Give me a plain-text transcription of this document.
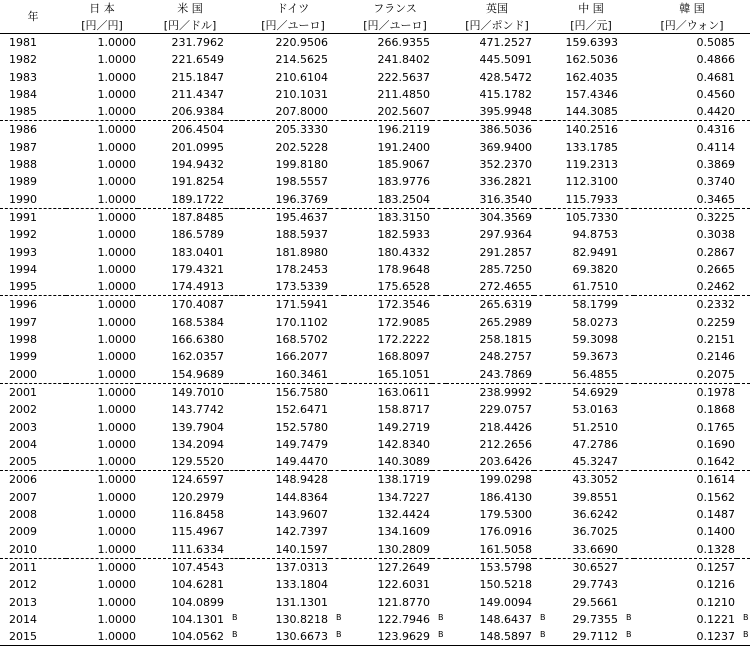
年	日 本	米 国		ドイツ		フランス		英国		中 国		韓 国	
	[円／円]	[円／ドル]		[円／ユーロ]		[円／ユーロ]		[円／ポンド]		[円／元]		[円／ウォン]	
1981	1.0000	231.7962		220.9506		266.9355		471.2527		159.6393		0.5085	
1982	1.0000	221.6549		214.5625		241.8402		445.5091		162.5036		0.4866	
1983	1.0000	215.1847		210.6104		222.5637		428.5472		162.4035		0.4681	
1984	1.0000	211.4347		210.1031		211.4850		415.1782		157.4346		0.4560	
1985	1.0000	206.9384		207.8000		202.5607		395.9948		144.3085		0.4420	
1986	1.0000	206.4504		205.3330		196.2119		386.5036		140.2516		0.4316	
1987	1.0000	201.0995		202.5228		191.2400		369.9400		133.1785		0.4114	
1988	1.0000	194.9432		199.8180		185.9067		352.2370		119.2313		0.3869	
1989	1.0000	191.8254		198.5557		183.9776		336.2821		112.3100		0.3740	
1990	1.0000	189.1722		196.3769		183.2504		316.3540		115.7933		0.3465	
1991	1.0000	187.8485		195.4637		183.3150		304.3569		105.7330		0.3225	
1992	1.0000	186.5789		188.5937		182.5933		297.9364		94.8753		0.3038	
1993	1.0000	183.0401		181.8980		180.4332		291.2857		82.9491		0.2867	
1994	1.0000	179.4321		178.2453		178.9648		285.7250		69.3820		0.2665	
1995	1.0000	174.4913		173.5339		175.6528		272.4655		61.7510		0.2462	
1996	1.0000	170.4087		171.5941		172.3546		265.6319		58.1799		0.2332	
1997	1.0000	168.5384		170.1102		172.9085		265.2989		58.0273		0.2259	
1998	1.0000	166.6380		168.5702		172.2222		258.1815		59.3098		0.2151	
1999	1.0000	162.0357		166.2077		168.8097		248.2757		59.3673		0.2146	
2000	1.0000	154.9689		160.3461		165.1051		243.7869		56.4855		0.2075	
2001	1.0000	149.7010		156.7580		163.0611		238.9992		54.6929		0.1978	
2002	1.0000	143.7742		152.6471		158.8717		229.0757		53.0163		0.1868	
2003	1.0000	139.7904		152.5780		149.2719		218.4426		51.2510		0.1765	
2004	1.0000	134.2094		149.7479		142.8340		212.2656		47.2786		0.1690	
2005	1.0000	129.5520		149.4470		140.3089		203.6426		45.3247		0.1642	
2006	1.0000	124.6597		148.9428		138.1719		199.0298		43.3052		0.1614	
2007	1.0000	120.2979		144.8364		134.7227		186.4130		39.8551		0.1562	
2008	1.0000	116.8458		143.9607		132.4424		179.5300		36.6242		0.1487	
2009	1.0000	115.4967		142.7397		134.1609		176.0916		36.7025		0.1400	
2010	1.0000	111.6334		140.1597		130.2809		161.5058		33.6690		0.1328	
2011	1.0000	107.4543		137.0313		127.2649		153.5798		30.6527		0.1257	
2012	1.0000	104.6281		133.1804		122.6031		150.5218		29.7743		0.1216	
2013	1.0000	104.0899		131.1301		121.8770		149.0094		29.5661		0.1210	
2014	1.0000	104.1301	B	130.8218	B	122.7946	B	148.6437	B	29.7355	B	0.1221	B
2015	1.0000	104.0562	B	130.6673	B	123.9629	B	148.5897	B	29.7112	B	0.1237	B
